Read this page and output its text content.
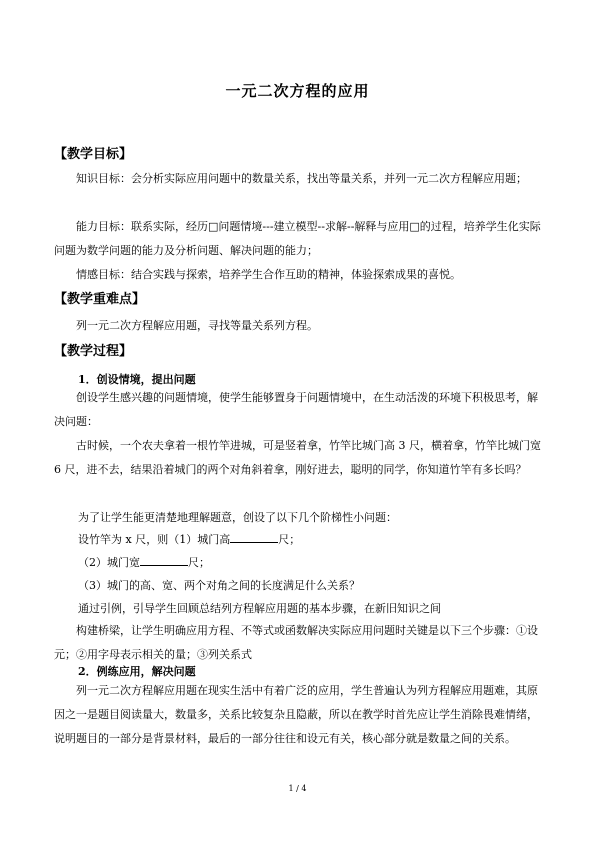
一元二次方程的应用
【教学目标】

知识目标：会分析实际应用问题中的数量关系，找出等量关系，并列一元二次方程解应用题；

能力目标：联系实际，经历□问题情境---建立模型--求解--解释与应用□的过程，培养学生化实际问题为数学问题的能力及分析问题、解决问题的能力；

情感目标：结合实践与探索，培养学生合作互助的精神，体验探索成果的喜悦。

【教学重难点】

列一元二次方程解应用题，寻找等量关系列方程。

【教学过程】
1．创设情境，提出问题

创设学生感兴趣的问题情境，使学生能够置身于问题情境中，在生动活泼的环境下积极思考，解决问题：

古时候，一个农夫拿着一根竹竿进城，可是竖着拿，竹竿比城门高 3 尺，横着拿，竹竿比城门宽 6 尺，进不去，结果沿着城门的两个对角斜着拿，刚好进去，聪明的同学，你知道竹竿有多长吗？

为了让学生能更清楚地理解题意，创设了以下几个阶梯性小问题：
设竹竿为 x 尺，则（1）城门高	尺；
（2）城门宽	尺；
（3）城门的高、宽、两个对角之间的长度满足什么关系？
通过引例，引导学生回顾总结列方程解应用题的基本步骤，在新旧知识之间

构建桥梁，让学生明确应用方程、不等式或函数解决实际应用问题时关键是以下三个步骤：①设元；②用字母表示相关的量；③列关系式

2．例练应用，解决问题

列一元二次方程解应用题在现实生活中有着广泛的应用，学生普遍认为列方程解应用题难，其原因之一是题目阅读量大，数量多，关系比较复杂且隐蔽，所以在教学时首先应让学生消除畏难情绪，说明题目的一部分是背景材料，最后的一部分往往和设元有关，核心部分就是数量之间的关系。

1 / 4
